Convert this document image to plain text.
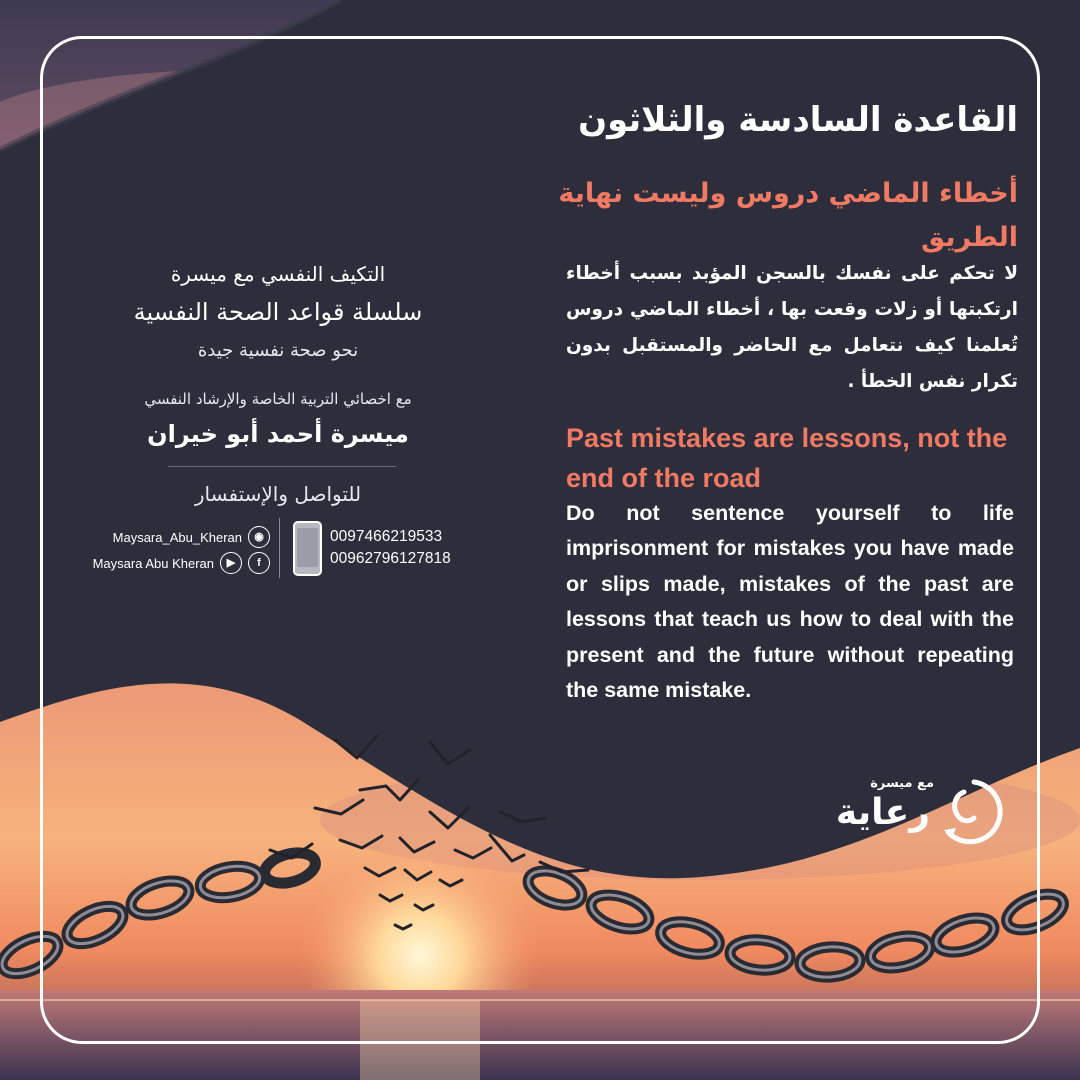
القاعدة السادسة والثلاثون
أخطاء الماضي دروس وليست نهاية الطريق
لا تحكم على نفسك بالسجن المؤبد بسبب أخطاء ارتكبتها أو زلات وقعت بها ، أخطاء الماضي دروس تُعلمنا كيف نتعامل مع الحاضر والمستقبل بدون تكرار نفس الخطأ .
Past mistakes are lessons, not the end of the road
Do not sentence yourself to life imprisonment for mistakes you have made or slips made, mistakes of the past are lessons that teach us how to deal with the present and the future without repeating the same mistake.
التكيف النفسي مع ميسرة
سلسلة قواعد الصحة النفسية
نحو صحة نفسية جيدة
مع اخصائي التربية الخاصة والإرشاد النفسي
ميسرة أحمد أبو خيران
للتواصل والإستفسار
Maysara_Abu_Kheran	◉
Maysara Abu Kheran	▶	f
0097466219533
00962796127818
مع ميسرة
رعاية
